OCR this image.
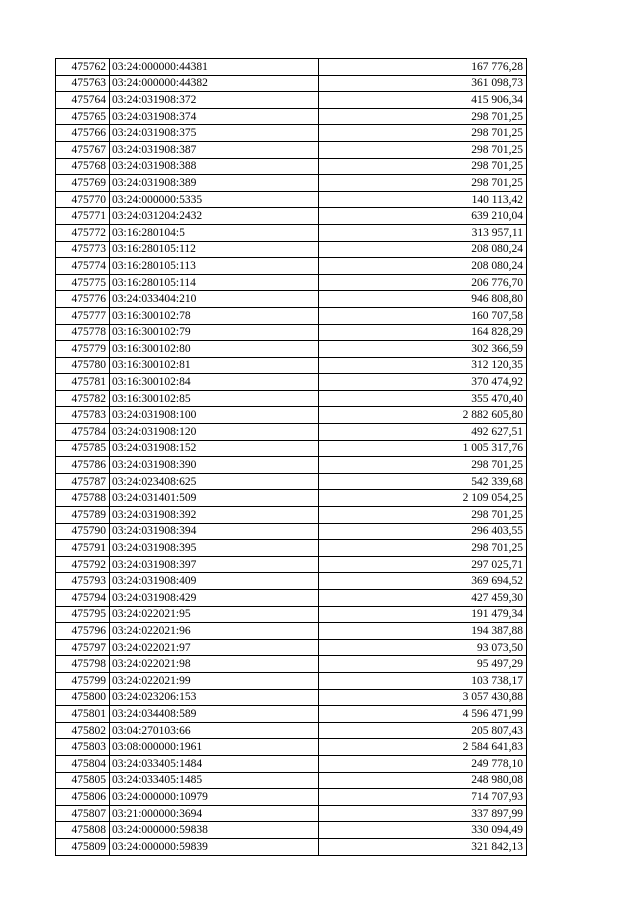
475762	03:24:000000:44381	167 776,28
475763	03:24:000000:44382	361 098,73
475764	03:24:031908:372	415 906,34
475765	03:24:031908:374	298 701,25
475766	03:24:031908:375	298 701,25
475767	03:24:031908:387	298 701,25
475768	03:24:031908:388	298 701,25
475769	03:24:031908:389	298 701,25
475770	03:24:000000:5335	140 113,42
475771	03:24:031204:2432	639 210,04
475772	03:16:280104:5	313 957,11
475773	03:16:280105:112	208 080,24
475774	03:16:280105:113	208 080,24
475775	03:16:280105:114	206 776,70
475776	03:24:033404:210	946 808,80
475777	03:16:300102:78	160 707,58
475778	03:16:300102:79	164 828,29
475779	03:16:300102:80	302 366,59
475780	03:16:300102:81	312 120,35
475781	03:16:300102:84	370 474,92
475782	03:16:300102:85	355 470,40
475783	03:24:031908:100	2 882 605,80
475784	03:24:031908:120	492 627,51
475785	03:24:031908:152	1 005 317,76
475786	03:24:031908:390	298 701,25
475787	03:24:023408:625	542 339,68
475788	03:24:031401:509	2 109 054,25
475789	03:24:031908:392	298 701,25
475790	03:24:031908:394	296 403,55
475791	03:24:031908:395	298 701,25
475792	03:24:031908:397	297 025,71
475793	03:24:031908:409	369 694,52
475794	03:24:031908:429	427 459,30
475795	03:24:022021:95	191 479,34
475796	03:24:022021:96	194 387,88
475797	03:24:022021:97	93 073,50
475798	03:24:022021:98	95 497,29
475799	03:24:022021:99	103 738,17
475800	03:24:023206:153	3 057 430,88
475801	03:24:034408:589	4 596 471,99
475802	03:04:270103:66	205 807,43
475803	03:08:000000:1961	2 584 641,83
475804	03:24:033405:1484	249 778,10
475805	03:24:033405:1485	248 980,08
475806	03:24:000000:10979	714 707,93
475807	03:21:000000:3694	337 897,99
475808	03:24:000000:59838	330 094,49
475809	03:24:000000:59839	321 842,13
